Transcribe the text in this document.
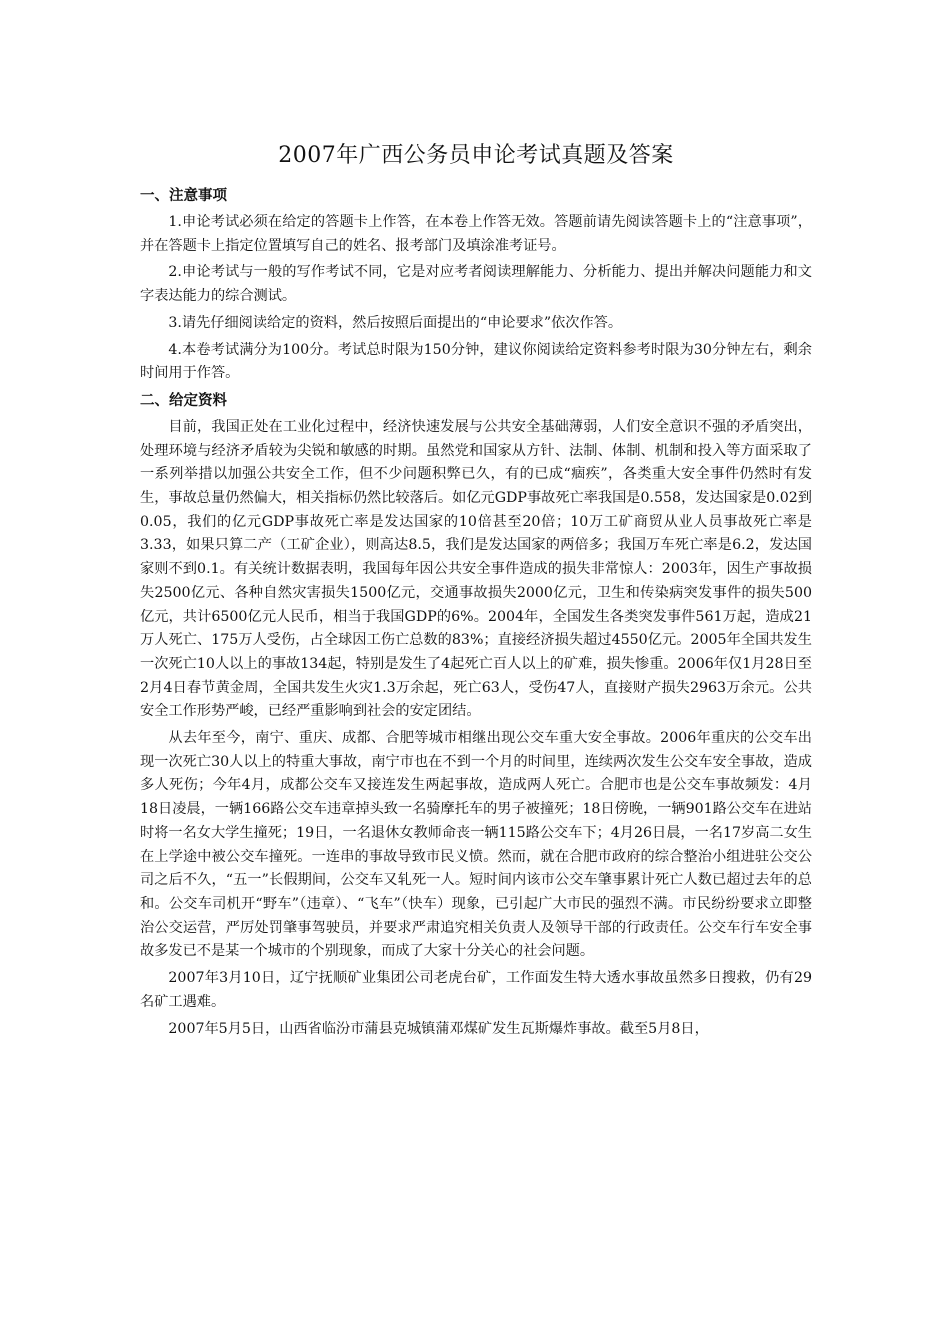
2007年广西公务员申论考试真题及答案
一、注意事项

1.申论考试必须在给定的答题卡上作答，在本卷上作答无效。答题前请先阅读答题卡上的“注意事项”，并在答题卡上指定位置填写自己的姓名、报考部门及填涂准考证号。

2.申论考试与一般的写作考试不同，它是对应考者阅读理解能力、分析能力、提出并解决问题能力和文字表达能力的综合测试。

3.请先仔细阅读给定的资料，然后按照后面提出的“申论要求”依次作答。

4.本卷考试满分为100分。考试总时限为150分钟，建议你阅读给定资料参考时限为30分钟左右，剩余时间用于作答。

二、给定资料

目前，我国正处在工业化过程中，经济快速发展与公共安全基础薄弱，人们安全意识不强的矛盾突出，处理环境与经济矛盾较为尖锐和敏感的时期。虽然党和国家从方针、法制、体制、机制和投入等方面采取了一系列举措以加强公共安全工作，但不少问题积弊已久，有的已成“痼疾”，各类重大安全事件仍然时有发生，事故总量仍然偏大，相关指标仍然比较落后。如亿元GDP事故死亡率我国是0.558，发达国家是0.02到0.05，我们的亿元GDP事故死亡率是发达国家的10倍甚至20倍；10万工矿商贸从业人员事故死亡率是3.33，如果只算二产（工矿企业），则高达8.5，我们是发达国家的两倍多；我国万车死亡率是6.2，发达国家则不到0.1。有关统计数据表明，我国每年因公共安全事件造成的损失非常惊人：2003年，因生产事故损失2500亿元、各种自然灾害损失1500亿元，交通事故损失2000亿元，卫生和传染病突发事件的损失500亿元，共计6500亿元人民币，相当于我国GDP的6%。2004年，全国发生各类突发事件561万起，造成21万人死亡、175万人受伤，占全球因工伤亡总数的83%；直接经济损失超过4550亿元。2005年全国共发生一次死亡10人以上的事故134起，特别是发生了4起死亡百人以上的矿难，损失惨重。2006年仅1月28日至2月4日春节黄金周，全国共发生火灾1.3万余起，死亡63人，受伤47人，直接财产损失2963万余元。公共安全工作形势严峻，已经严重影响到社会的安定团结。

从去年至今，南宁、重庆、成都、合肥等城市相继出现公交车重大安全事故。2006年重庆的公交车出现一次死亡30人以上的特重大事故，南宁市也在不到一个月的时间里，连续两次发生公交车安全事故，造成多人死伤；今年4月，成都公交车又接连发生两起事故，造成两人死亡。合肥市也是公交车事故频发：4月18日凌晨，一辆166路公交车违章掉头致一名骑摩托车的男子被撞死；18日傍晚，一辆901路公交车在进站时将一名女大学生撞死；19日，一名退休女教师命丧一辆115路公交车下；4月26日晨，一名17岁高二女生在上学途中被公交车撞死。一连串的事故导致市民义愤。然而，就在合肥市政府的综合整治小组进驻公交公司之后不久，“五一”长假期间，公交车又轧死一人。短时间内该市公交车肇事累计死亡人数已超过去年的总和。公交车司机开“野车”（违章）、“飞车”（快车）现象，已引起广大市民的强烈不满。市民纷纷要求立即整治公交运营，严厉处罚肇事驾驶员，并要求严肃追究相关负责人及领导干部的行政责任。公交车行车安全事故多发已不是某一个城市的个别现象，而成了大家十分关心的社会问题。

2007年3月10日，辽宁抚顺矿业集团公司老虎台矿，工作面发生特大透水事故虽然多日搜救，仍有29名矿工遇难。

2007年5月5日，山西省临汾市蒲县克城镇蒲邓煤矿发生瓦斯爆炸事故。截至5月8日，
